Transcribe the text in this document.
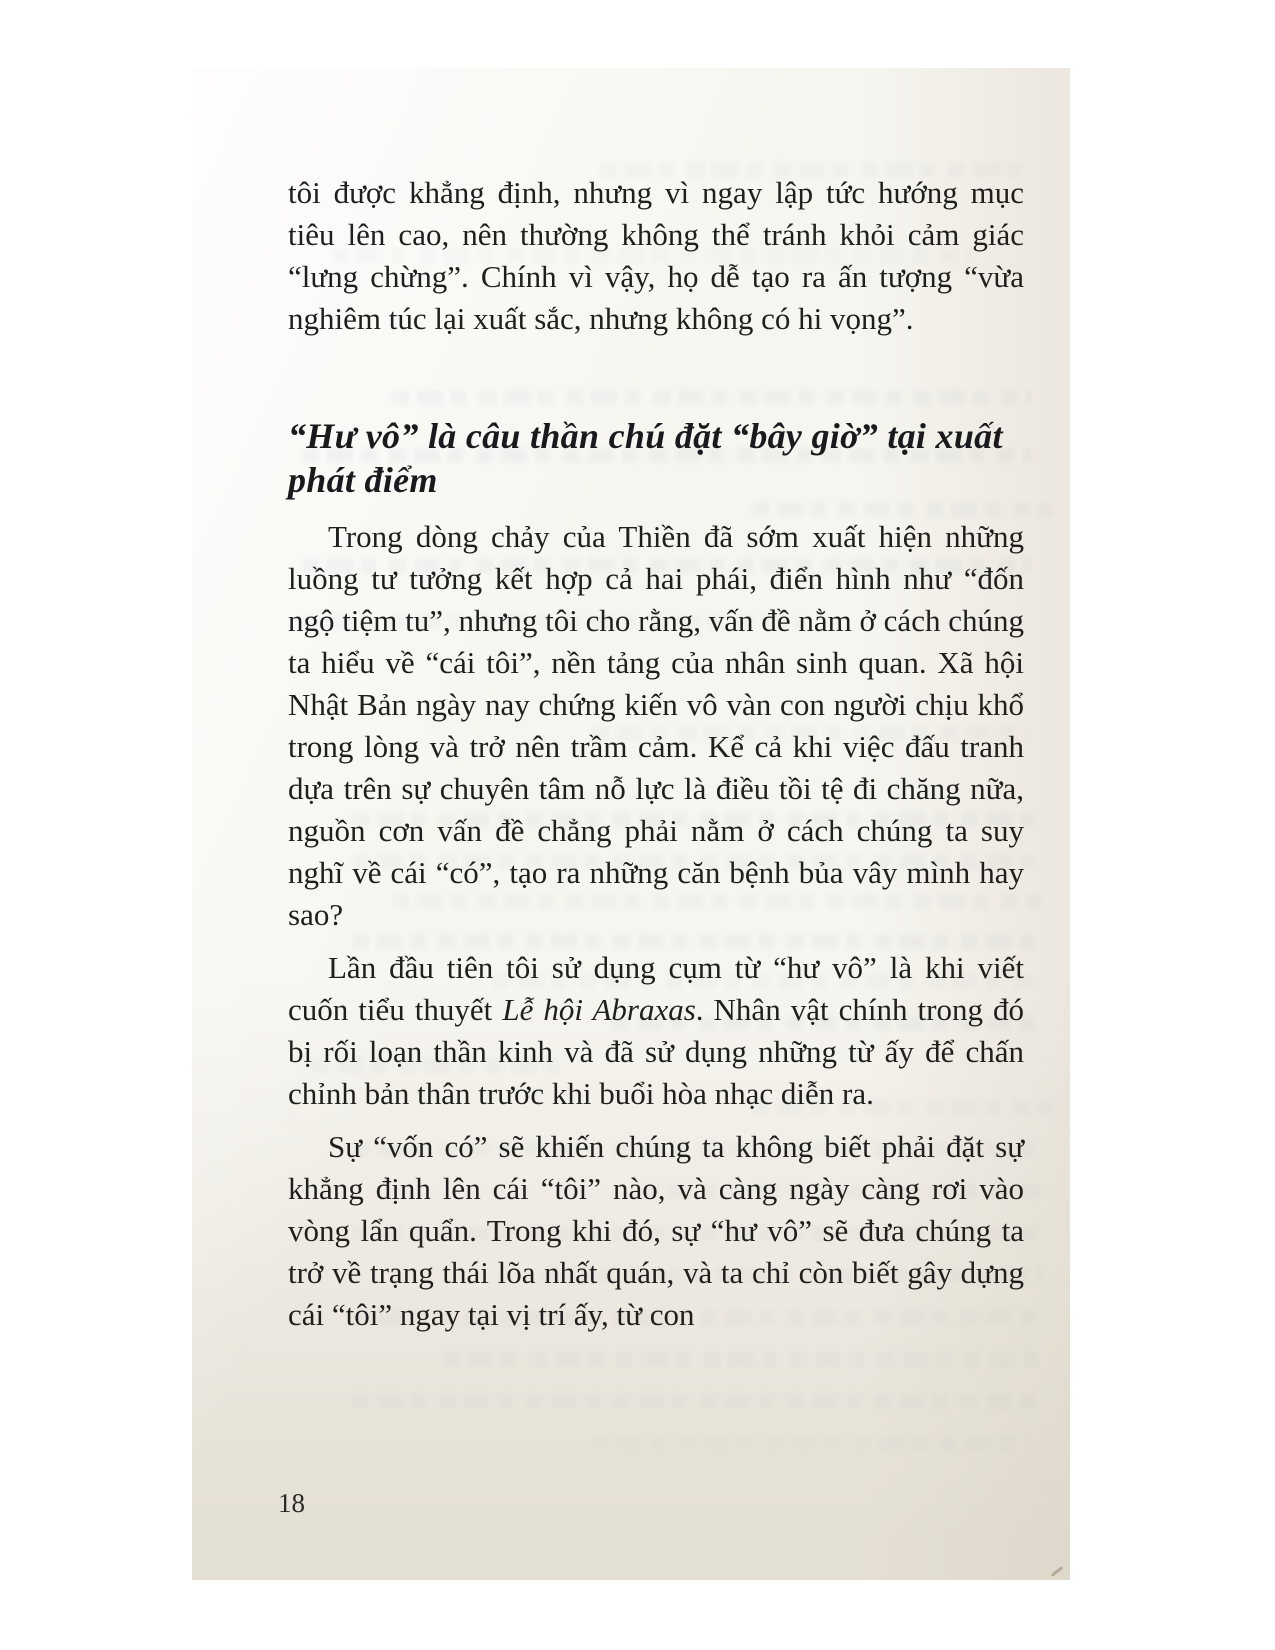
tôi được khẳng định, nhưng vì ngay lập tức hướng mục tiêu lên cao, nên thường không thể tránh khỏi cảm giác “lưng chừng”. Chính vì vậy, họ dễ tạo ra ấn tượng “vừa nghiêm túc lại xuất sắc, nhưng không có hi vọng”.

“Hư vô” là câu thần chú đặt “bây giờ” tại xuất phát điểm

Trong dòng chảy của Thiền đã sớm xuất hiện những luồng tư tưởng kết hợp cả hai phái, điển hình như “đốn ngộ tiệm tu”, nhưng tôi cho rằng, vấn đề nằm ở cách chúng ta hiểu về “cái tôi”, nền tảng của nhân sinh quan. Xã hội Nhật Bản ngày nay chứng kiến vô vàn con người chịu khổ trong lòng và trở nên trầm cảm. Kể cả khi việc đấu tranh dựa trên sự chuyên tâm nỗ lực là điều tồi tệ đi chăng nữa, nguồn cơn vấn đề chẳng phải nằm ở cách chúng ta suy nghĩ về cái “có”, tạo ra những căn bệnh bủa vây mình hay sao?

Lần đầu tiên tôi sử dụng cụm từ “hư vô” là khi viết cuốn tiểu thuyết Lễ hội Abraxas. Nhân vật chính trong đó bị rối loạn thần kinh và đã sử dụng những từ ấy để chấn chỉnh bản thân trước khi buổi hòa nhạc diễn ra.

Sự “vốn có” sẽ khiến chúng ta không biết phải đặt sự khẳng định lên cái “tôi” nào, và càng ngày càng rơi vào vòng lẩn quẩn. Trong khi đó, sự “hư vô” sẽ đưa chúng ta trở về trạng thái lõa nhất quán, và ta chỉ còn biết gây dựng cái “tôi” ngay tại vị trí ấy, từ con

18
